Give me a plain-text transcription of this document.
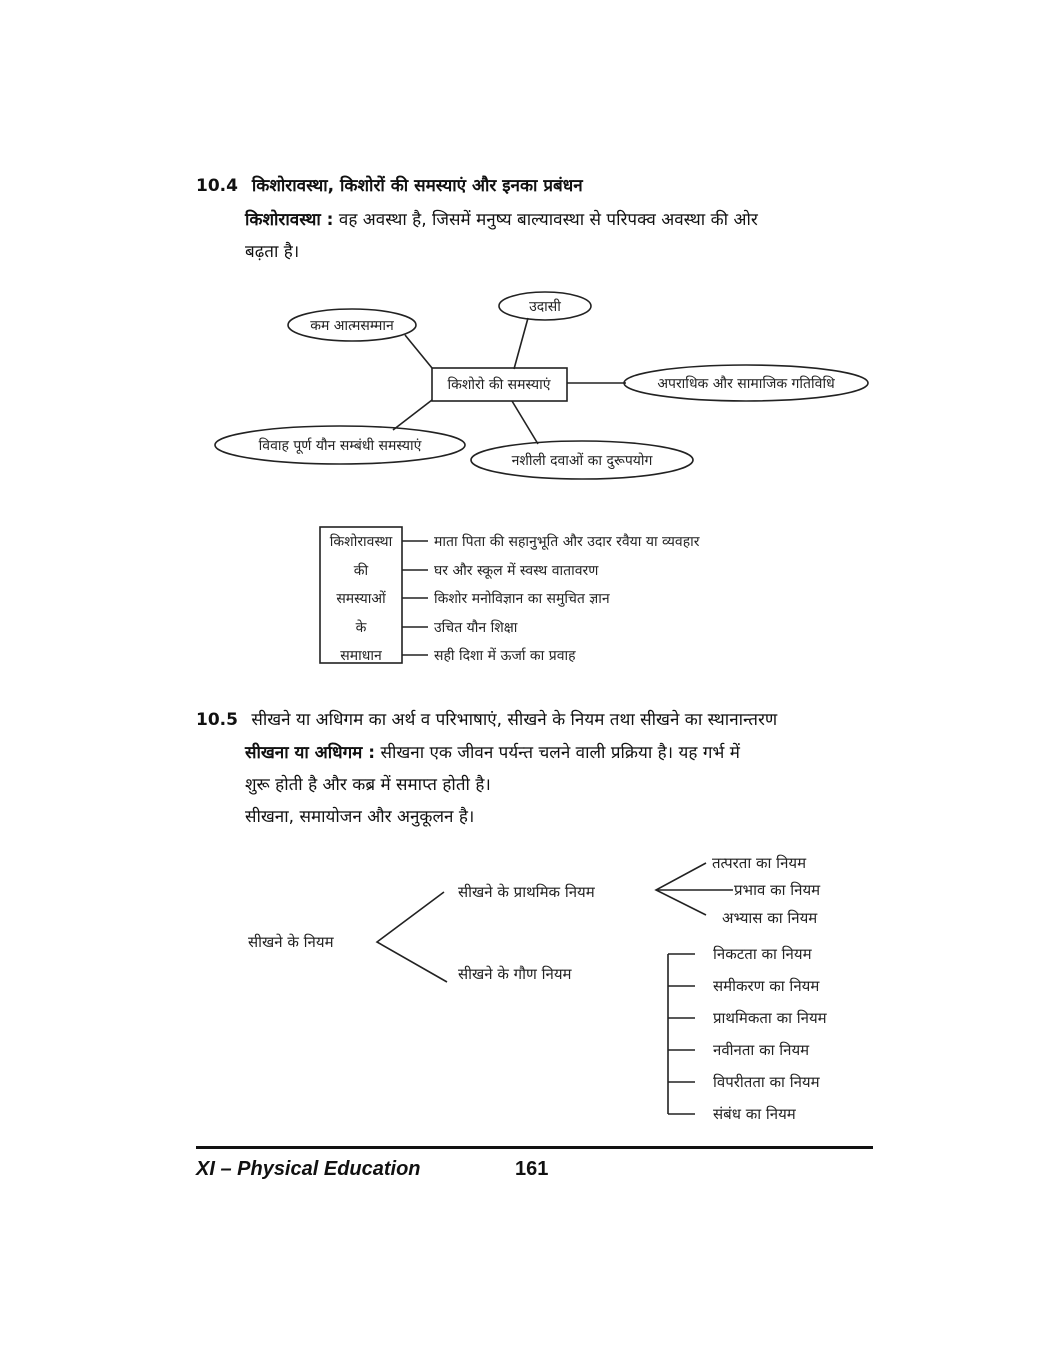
10.4 किशोरावस्था, किशोरों की समस्याएं और इनका प्रबंधन
किशोरावस्था : वह अवस्था है, जिसमें मनुष्य बाल्यावस्था से परिपक्व अवस्था की ओर
बढ़ता है।
किशोरो की समस्याएं
कम आत्मसम्मान
उदासी
अपराधिक और सामाजिक गतिविधि
विवाह पूर्ण यौन सम्बंधी समस्याएं
नशीली दवाओं का दुरूपयोग
किशोरावस्था
की
समस्याओं
के
समाधान
माता पिता की सहानुभूति और उदार रवैया या व्यवहार
घर और स्कूल में स्वस्थ वातावरण
किशोर मनोविज्ञान का समुचित ज्ञान
उचित यौन शिक्षा
सही दिशा में ऊर्जा का प्रवाह
10.5 सीखने या अधिगम का अर्थ व परिभाषाएं, सीखने के नियम तथा सीखने का स्थानान्तरण
सीखना या अधिगम : सीखना एक जीवन पर्यन्त चलने वाली प्रक्रिया है। यह गर्भ में
शुरू होती है और कब्र में समाप्त होती है।
सीखना, समायोजन और अनुकूलन है।
सीखने के नियम
सीखने के प्राथमिक नियम
सीखने के गौण नियम
तत्परता का नियम
प्रभाव का नियम
अभ्यास का नियम
निकटता का नियम
समीकरण का नियम
प्राथमिकता का नियम
नवीनता का नियम
विपरीतता का नियम
संबंध का नियम
XI – Physical Education	161
